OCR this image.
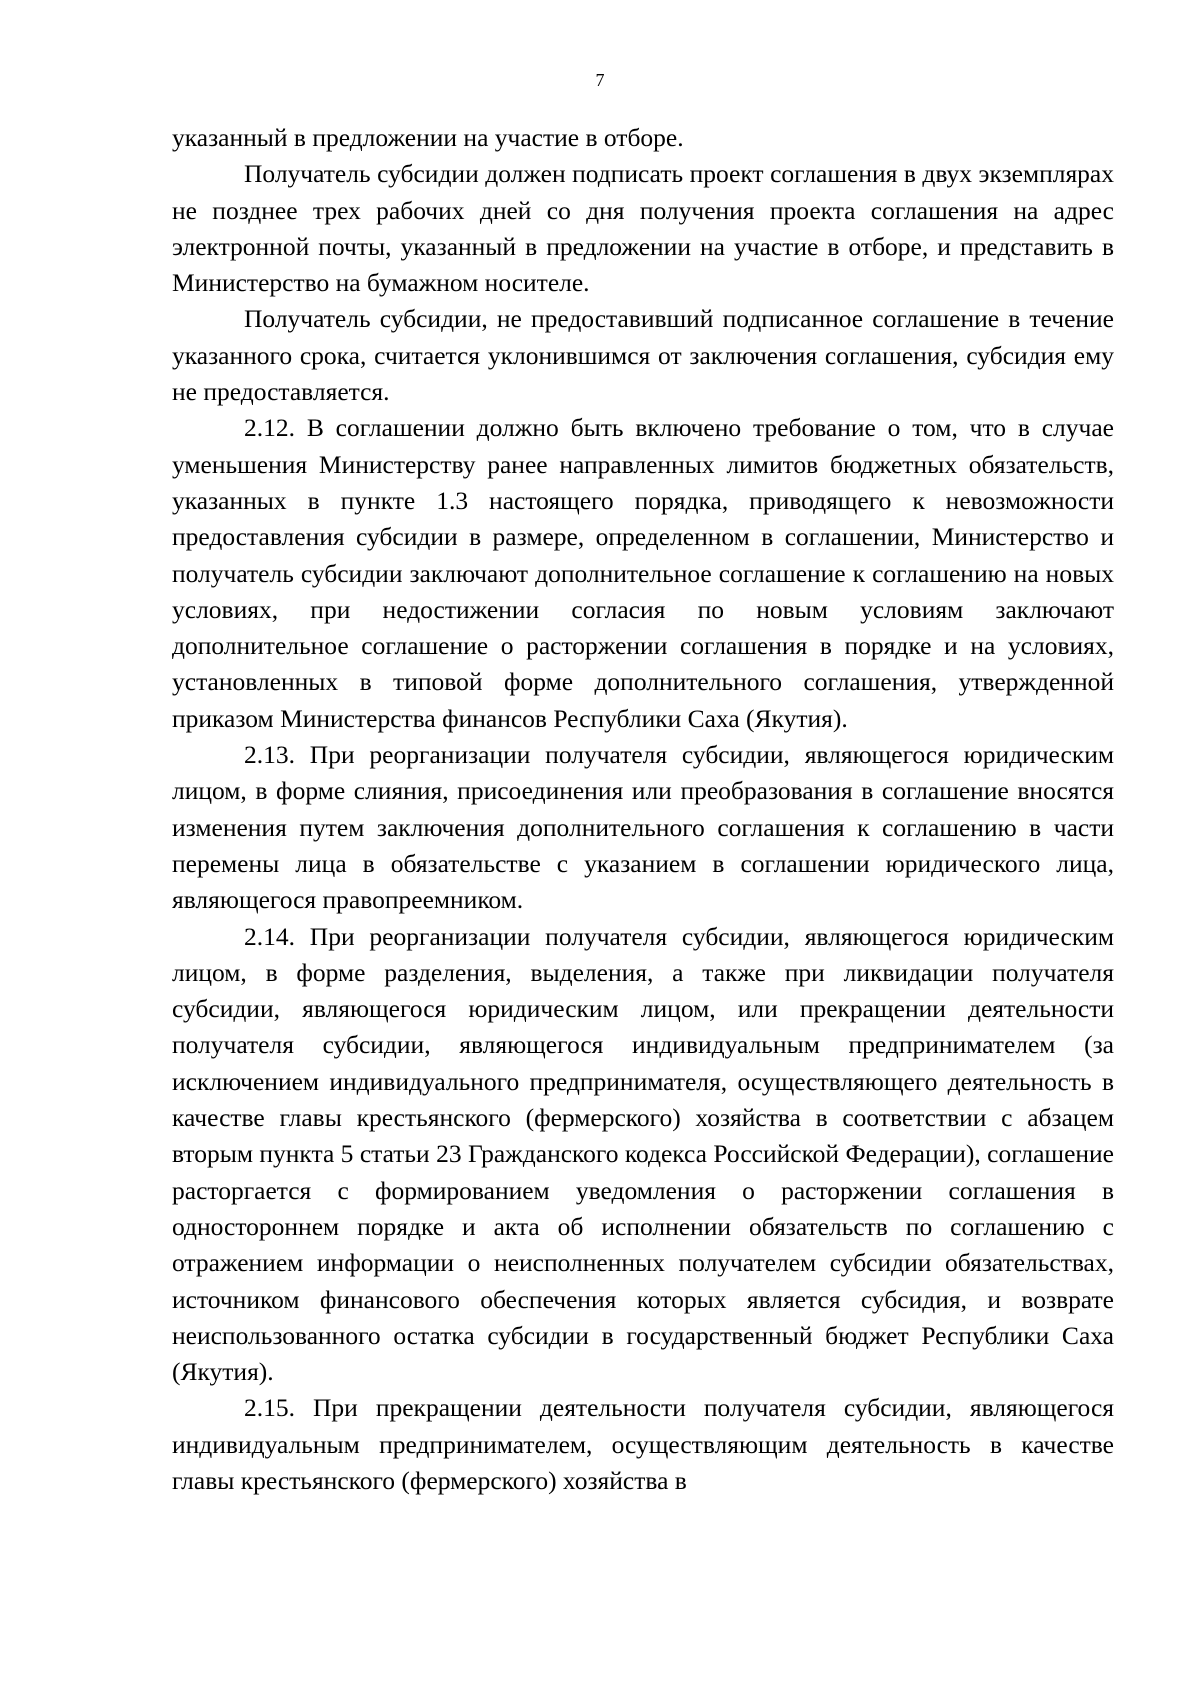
7

указанный в предложении на участие в отборе.

Получатель субсидии должен подписать проект соглашения в двух экземплярах не позднее трех рабочих дней со дня получения проекта соглашения на адрес электронной почты, указанный в предложении на участие в отборе, и представить в Министерство на бумажном носителе.

Получатель субсидии, не предоставивший подписанное соглашение в течение указанного срока, считается уклонившимся от заключения соглашения, субсидия ему не предоставляется.

2.12. В соглашении должно быть включено требование о том, что в случае уменьшения Министерству ранее направленных лимитов бюджетных обязательств, указанных в пункте 1.3 настоящего порядка, приводящего к невозможности предоставления субсидии в размере, определенном в соглашении, Министерство и получатель субсидии заключают дополнительное соглашение к соглашению на новых условиях, при недостижении согласия по новым условиям заключают дополнительное соглашение о расторжении соглашения в порядке и на условиях, установленных в типовой форме дополнительного соглашения, утвержденной приказом Министерства финансов Республики Саха (Якутия).

2.13. При реорганизации получателя субсидии, являющегося юридическим лицом, в форме слияния, присоединения или преобразования в соглашение вносятся изменения путем заключения дополнительного соглашения к соглашению в части перемены лица в обязательстве с указанием в соглашении юридического лица, являющегося правопреемником.

2.14. При реорганизации получателя субсидии, являющегося юридическим лицом, в форме разделения, выделения, а также при ликвидации получателя субсидии, являющегося юридическим лицом, или прекращении деятельности получателя субсидии, являющегося индивидуальным предпринимателем (за исключением индивидуального предпринимателя, осуществляющего деятельность в качестве главы крестьянского (фермерского) хозяйства в соответствии с абзацем вторым пункта 5 статьи 23 Гражданского кодекса Российской Федерации), соглашение расторгается с формированием уведомления о расторжении соглашения в одностороннем порядке и акта об исполнении обязательств по соглашению с отражением информации о неисполненных получателем субсидии обязательствах, источником финансового обеспечения которых является субсидия, и возврате неиспользованного остатка субсидии в государственный бюджет Республики Саха (Якутия).

2.15. При прекращении деятельности получателя субсидии, являющегося индивидуальным предпринимателем, осуществляющим деятельность в качестве главы крестьянского (фермерского) хозяйства в
